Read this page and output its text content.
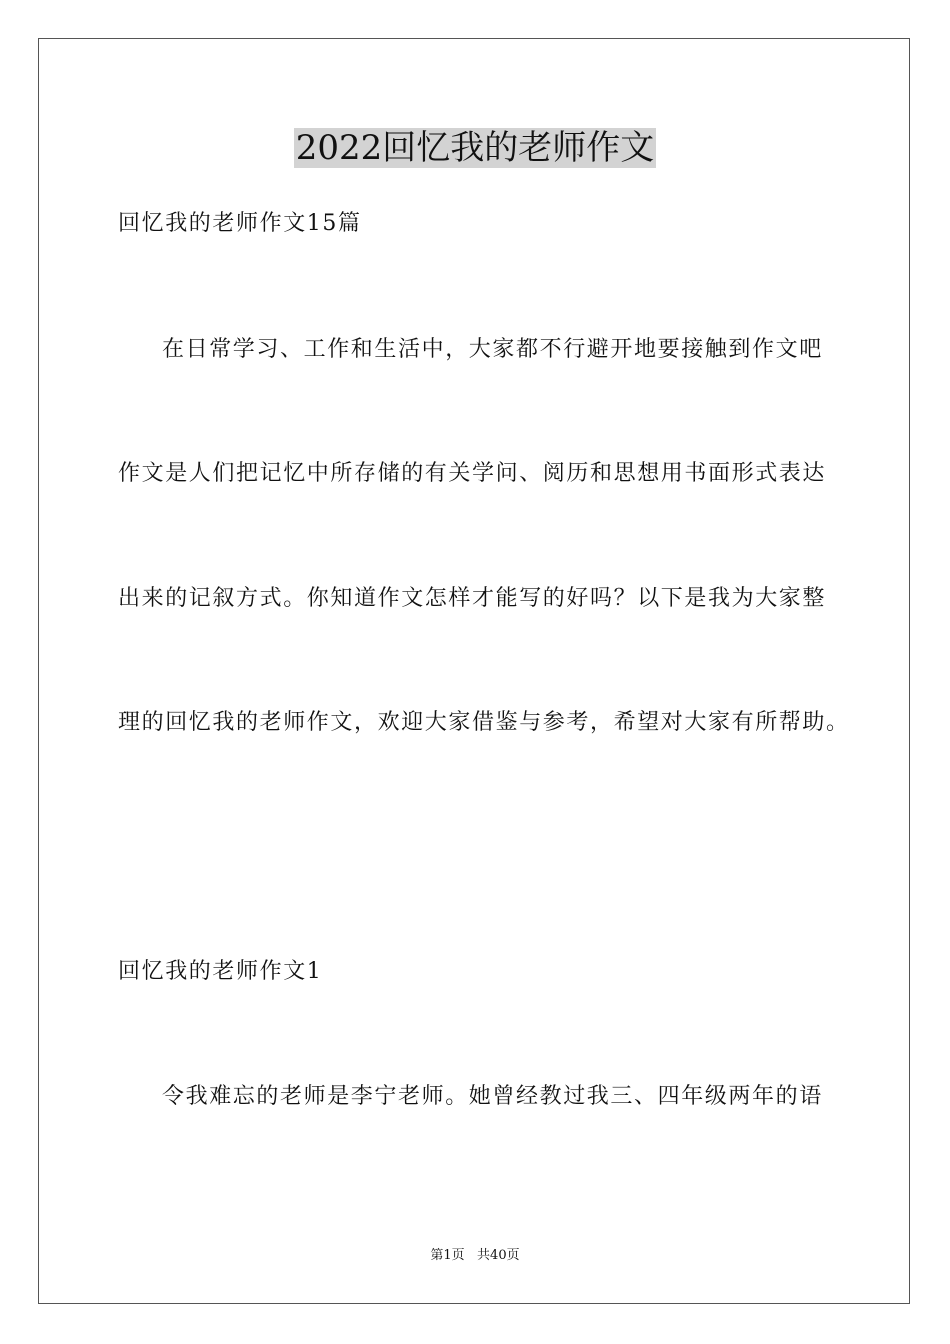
2022回忆我的老师作文
回忆我的老师作文15篇
在日常学习、工作和生活中，大家都不行避开地要接触到作文吧
作文是人们把记忆中所存储的有关学问、阅历和思想用书面形式表达
出来的记叙方式。你知道作文怎样才能写的好吗？以下是我为大家整
理的回忆我的老师作文，欢迎大家借鉴与参考，希望对大家有所帮助。
回忆我的老师作文1
令我难忘的老师是李宁老师。她曾经教过我三、四年级两年的语
第1页   共40页
